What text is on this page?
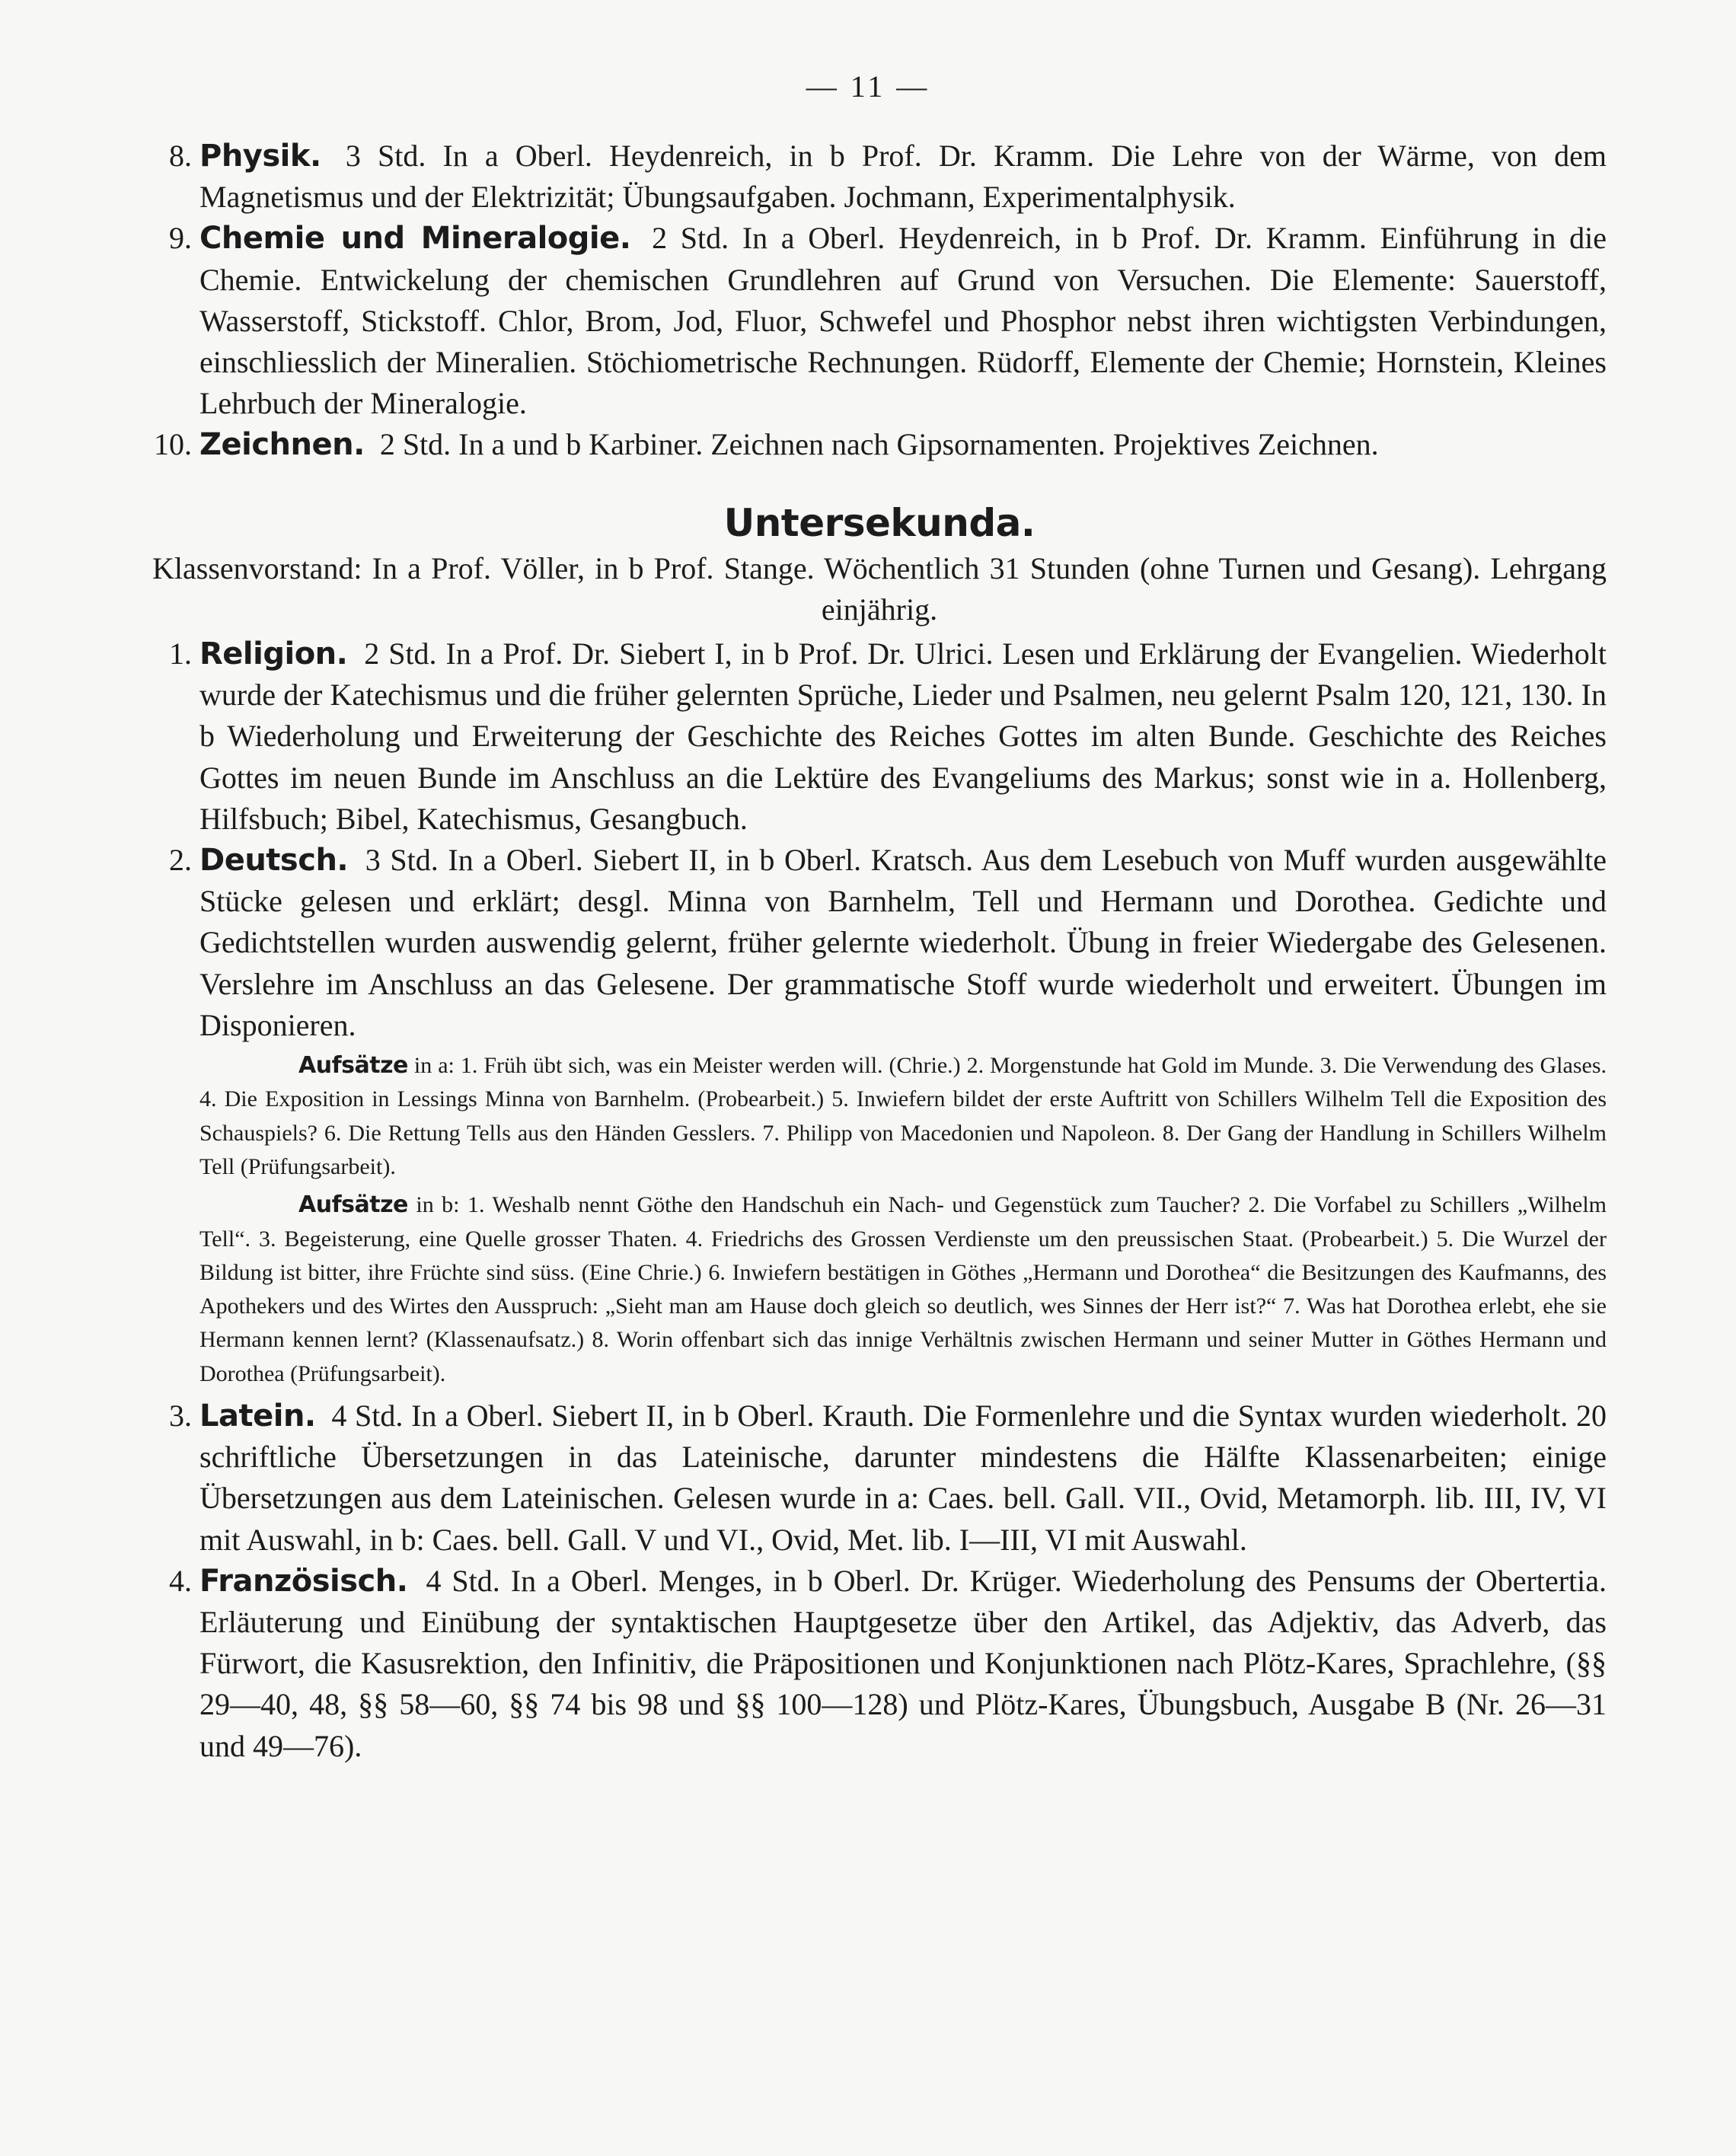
— 11 —
8. Physik. 3 Std. In a Oberl. Heydenreich, in b Prof. Dr. Kramm. Die Lehre von der Wärme, von dem Magnetismus und der Elektrizität; Übungsaufgaben. Jochmann, Experimentalphysik.
9. Chemie und Mineralogie. 2 Std. In a Oberl. Heydenreich, in b Prof. Dr. Kramm. Einführung in die Chemie. Entwickelung der chemischen Grundlehren auf Grund von Versuchen. Die Elemente: Sauerstoff, Wasserstoff, Stickstoff. Chlor, Brom, Jod, Fluor, Schwefel und Phosphor nebst ihren wichtigsten Verbindungen, einschliesslich der Mineralien. Stöchiometrische Rechnungen. Rüdorff, Elemente der Chemie; Hornstein, Kleines Lehrbuch der Mineralogie.
10. Zeichnen. 2 Std. In a und b Karbiner. Zeichnen nach Gipsornamenten. Projektives Zeichnen.
Untersekunda.
Klassenvorstand: In a Prof. Völler, in b Prof. Stange. Wöchentlich 31 Stunden (ohne Turnen und Gesang). Lehrgang einjährig.
1. Religion. 2 Std. In a Prof. Dr. Siebert I, in b Prof. Dr. Ulrici. Lesen und Erklärung der Evangelien. Wiederholt wurde der Katechismus und die früher gelernten Sprüche, Lieder und Psalmen, neu gelernt Psalm 120, 121, 130. In b Wiederholung und Erweiterung der Geschichte des Reiches Gottes im alten Bunde. Geschichte des Reiches Gottes im neuen Bunde im Anschluss an die Lektüre des Evangeliums des Markus; sonst wie in a. Hollenberg, Hilfsbuch; Bibel, Katechismus, Gesangbuch.
2. Deutsch. 3 Std. In a Oberl. Siebert II, in b Oberl. Kratsch. Aus dem Lesebuch von Muff wurden ausgewählte Stücke gelesen und erklärt; desgl. Minna von Barnhelm, Tell und Hermann und Dorothea. Gedichte und Gedichtstellen wurden auswendig gelernt, früher gelernte wiederholt. Übung in freier Wiedergabe des Gelesenen. Verslehre im Anschluss an das Gelesene. Der grammatische Stoff wurde wiederholt und erweitert. Übungen im Disponieren.
Aufsätze in a: 1. Früh übt sich, was ein Meister werden will. (Chrie.) 2. Morgenstunde hat Gold im Munde. 3. Die Verwendung des Glases. 4. Die Exposition in Lessings Minna von Barnhelm. (Probearbeit.) 5. Inwiefern bildet der erste Auftritt von Schillers Wilhelm Tell die Exposition des Schauspiels? 6. Die Rettung Tells aus den Händen Gesslers. 7. Philipp von Macedonien und Napoleon. 8. Der Gang der Handlung in Schillers Wilhelm Tell (Prüfungsarbeit).
Aufsätze in b: 1. Weshalb nennt Göthe den Handschuh ein Nach- und Gegenstück zum Taucher? 2. Die Vorfabel zu Schillers „Wilhelm Tell“. 3. Begeisterung, eine Quelle grosser Thaten. 4. Friedrichs des Grossen Verdienste um den preussischen Staat. (Probearbeit.) 5. Die Wurzel der Bildung ist bitter, ihre Früchte sind süss. (Eine Chrie.) 6. Inwiefern bestätigen in Göthes „Hermann und Dorothea“ die Besitzungen des Kaufmanns, des Apothekers und des Wirtes den Ausspruch: „Sieht man am Hause doch gleich so deutlich, wes Sinnes der Herr ist?“ 7. Was hat Dorothea erlebt, ehe sie Hermann kennen lernt? (Klassenaufsatz.) 8. Worin offenbart sich das innige Verhältnis zwischen Hermann und seiner Mutter in Göthes Hermann und Dorothea (Prüfungsarbeit).
3. Latein. 4 Std. In a Oberl. Siebert II, in b Oberl. Krauth. Die Formenlehre und die Syntax wurden wiederholt. 20 schriftliche Übersetzungen in das Lateinische, darunter mindestens die Hälfte Klassenarbeiten; einige Übersetzungen aus dem Lateinischen. Gelesen wurde in a: Caes. bell. Gall. VII., Ovid, Metamorph. lib. III, IV, VI mit Auswahl, in b: Caes. bell. Gall. V und VI., Ovid, Met. lib. I—III, VI mit Auswahl.
4. Französisch. 4 Std. In a Oberl. Menges, in b Oberl. Dr. Krüger. Wiederholung des Pensums der Obertertia. Erläuterung und Einübung der syntaktischen Hauptgesetze über den Artikel, das Adjektiv, das Adverb, das Fürwort, die Kasusrektion, den Infinitiv, die Präpositionen und Konjunktionen nach Plötz-Kares, Sprachlehre, (§§ 29—40, 48, §§ 58—60, §§ 74 bis 98 und §§ 100—128) und Plötz-Kares, Übungsbuch, Ausgabe B (Nr. 26—31 und 49—76).
